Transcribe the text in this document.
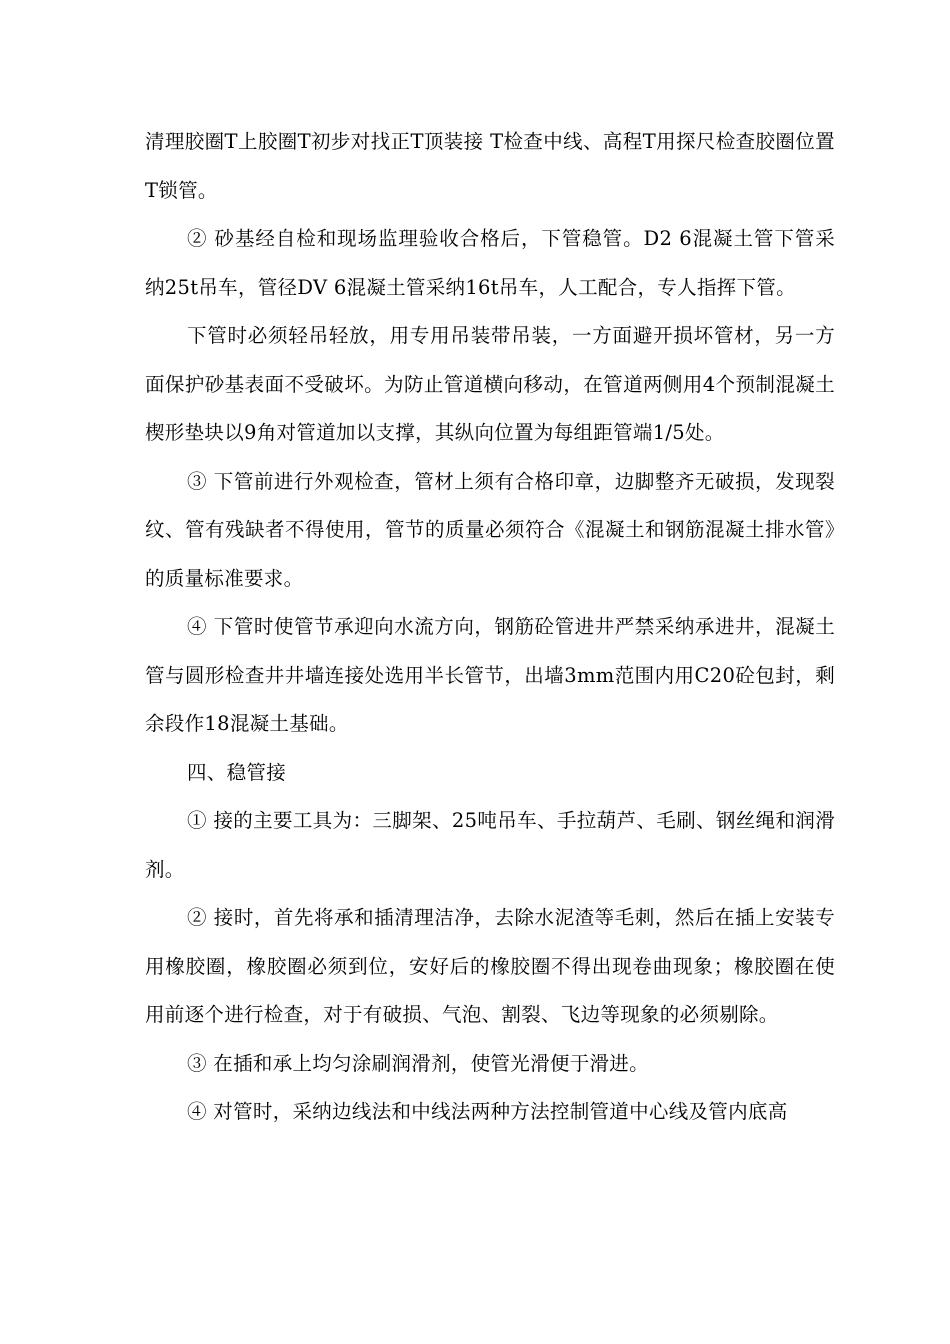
清理胶圈Τ上胶圈Τ初步对找正Τ顶装接 Τ检查中线、高程Τ用探尺检查胶圈位置Τ锁管。

② 砂基经自检和现场监理验收合格后，下管稳管。D2 6混凝土管下管采纳25t吊车，管径DV 6混凝土管采纳16t吊车，人工配合，专人指挥下管。

下管时必须轻吊轻放，用专用吊装带吊装，一方面避开损坏管材，另一方面保护砂基表面不受破坏。为防止管道横向移动，在管道两侧用4个预制混凝土楔形垫块以9角对管道加以支撑，其纵向位置为每组距管端1/5处。

③ 下管前进行外观检查，管材上须有合格印章，边脚整齐无破损，发现裂纹、管有残缺者不得使用，管节的质量必须符合《混凝土和钢筋混凝土排水管》的质量标准要求。

④ 下管时使管节承迎向水流方向，钢筋砼管进井严禁采纳承进井，混凝土管与圆形检查井井墙连接处选用半长管节，出墙3mm范围内用C20砼包封，剩余段作18混凝土基础。

四、稳管接

① 接的主要工具为：三脚架、25吨吊车、手拉葫芦、毛刷、钢丝绳和润滑剂。

② 接时，首先将承和插清理洁净，去除水泥渣等毛刺，然后在插上安装专用橡胶圈，橡胶圈必须到位，安好后的橡胶圈不得出现卷曲现象；橡胶圈在使用前逐个进行检查，对于有破损、气泡、割裂、飞边等现象的必须剔除。

③ 在插和承上均匀涂刷润滑剂，使管光滑便于滑进。

④ 对管时，采纳边线法和中线法两种方法控制管道中心线及管内底高
